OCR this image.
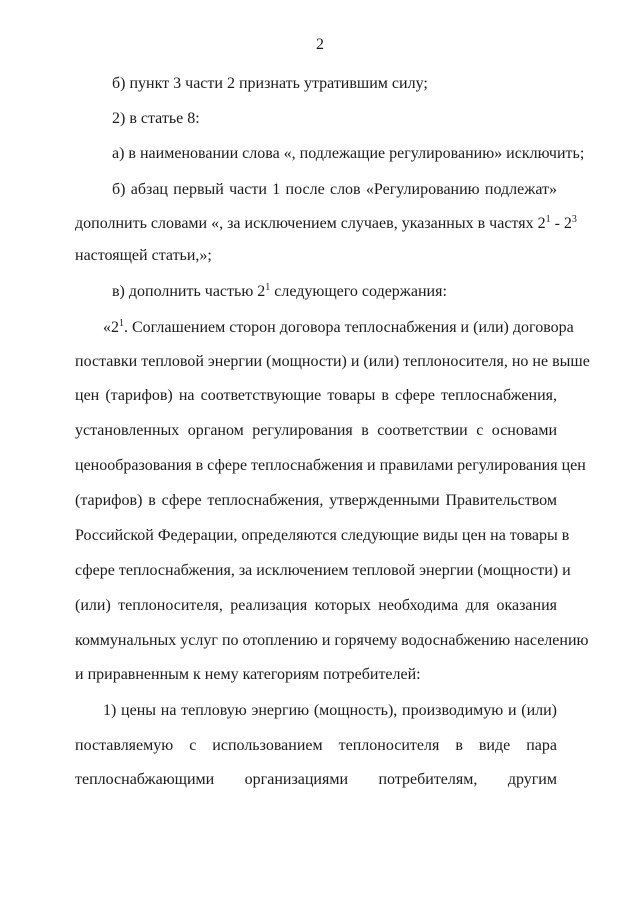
2
б) пункт 3 части 2 признать утратившим силу;
2) в статье 8:
а) в наименовании слова «, подлежащие регулированию» исключить;
б) абзац первый части 1 после слов «Регулированию подлежат»
дополнить словами «, за исключением случаев, указанных в частях $2^1 - 2^3$
настоящей статьи,»;
в) дополнить частью $2^1$ следующего содержания:
«$2^1$. Соглашением сторон договора теплоснабжения и (или) договора
поставки тепловой энергии (мощности) и (или) теплоносителя, но не выше
цен (тарифов) на соответствующие товары в сфере теплоснабжения,
установленных органом регулирования в соответствии с основами
ценообразования в сфере теплоснабжения и правилами регулирования цен
(тарифов) в сфере теплоснабжения, утвержденными Правительством
Российской Федерации, определяются следующие виды цен на товары в
сфере теплоснабжения, за исключением тепловой энергии (мощности) и
(или) теплоносителя, реализация которых необходима для оказания
коммунальных услуг по отоплению и горячему водоснабжению населению
и приравненным к нему категориям потребителей:
1) цены на тепловую энергию (мощность), производимую и (или)
поставляемую с использованием теплоносителя в виде пара
теплоснабжающими организациями потребителям, другим
